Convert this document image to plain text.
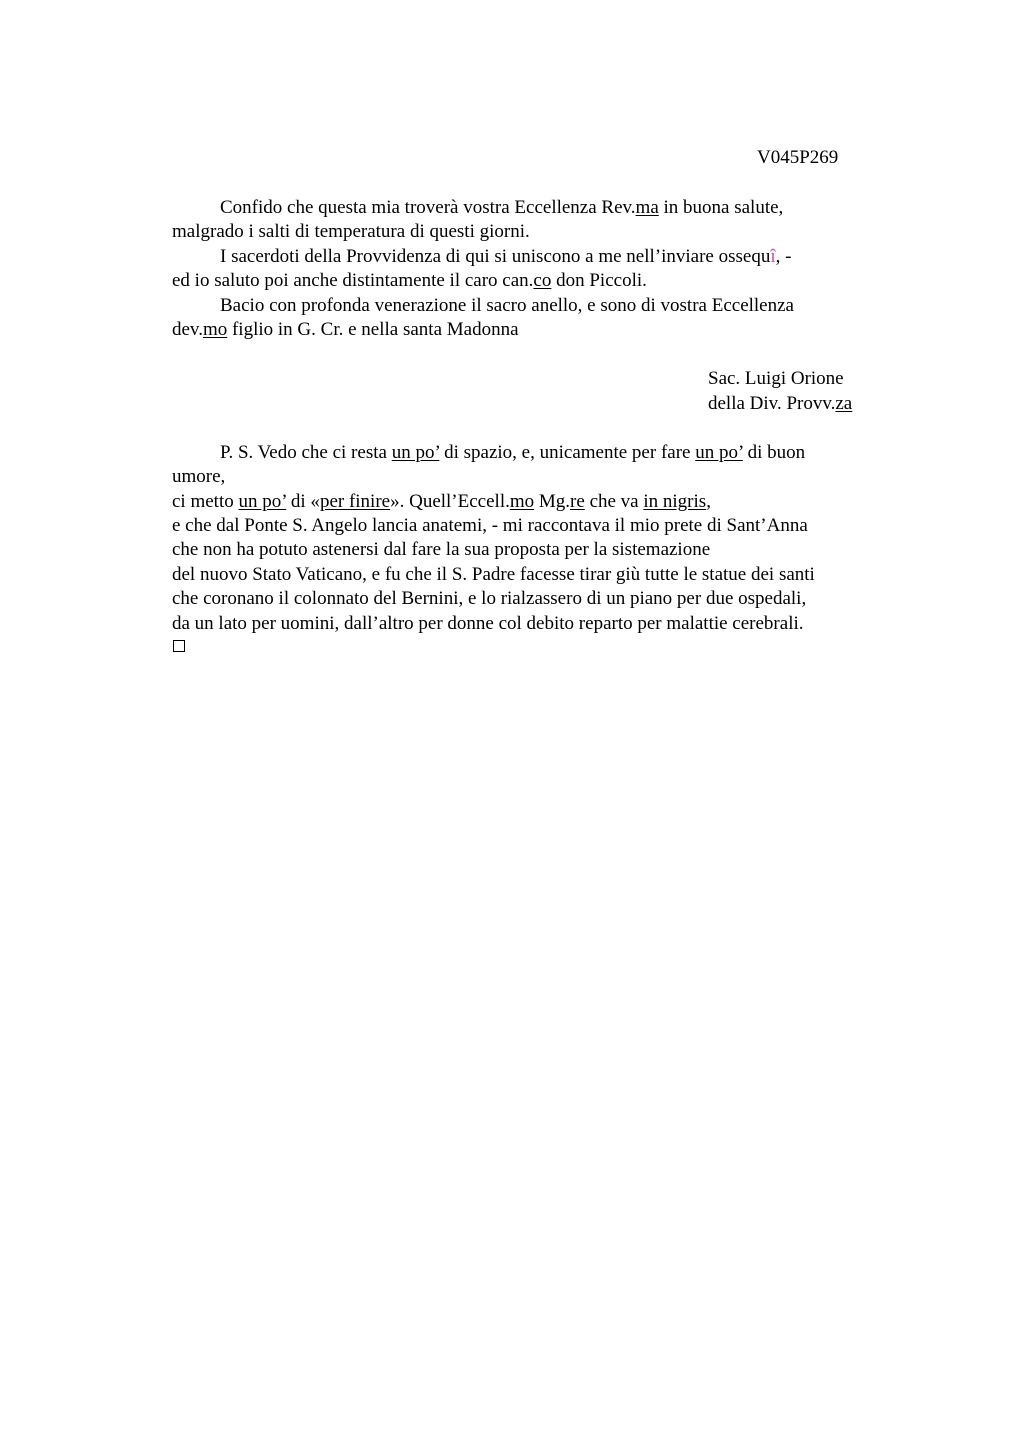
V045P269
Confido che questa mia troverà vostra Eccellenza Rev.ma in buona salute,
malgrado i salti di temperatura di questi giorni.
I sacerdoti della Provvidenza di qui si uniscono a me nell’inviare ossequî, -
ed io saluto poi anche distintamente il caro can.co don Piccoli.
Bacio con profonda venerazione il sacro anello, e sono di vostra Eccellenza
dev.mo figlio in G. Cr. e nella santa Madonna
Sac. Luigi Orione
della Div. Provv.za
P. S. Vedo che ci resta un po’ di spazio, e, unicamente per fare un po’ di buon
umore,
ci metto un po’ di «per finire». Quell’Eccell.mo Mg.re che va in nigris,
e che dal Ponte S. Angelo lancia anatemi, - mi raccontava il mio prete di Sant’Anna
che non ha potuto astenersi dal fare la sua proposta per la sistemazione
del nuovo Stato Vaticano, e fu che il S. Padre facesse tirar giù tutte le statue dei santi
che coronano il colonnato del Bernini, e lo rialzassero di un piano per due ospedali,
da un lato per uomini, dall’altro per donne col debito reparto per malattie cerebrali.
